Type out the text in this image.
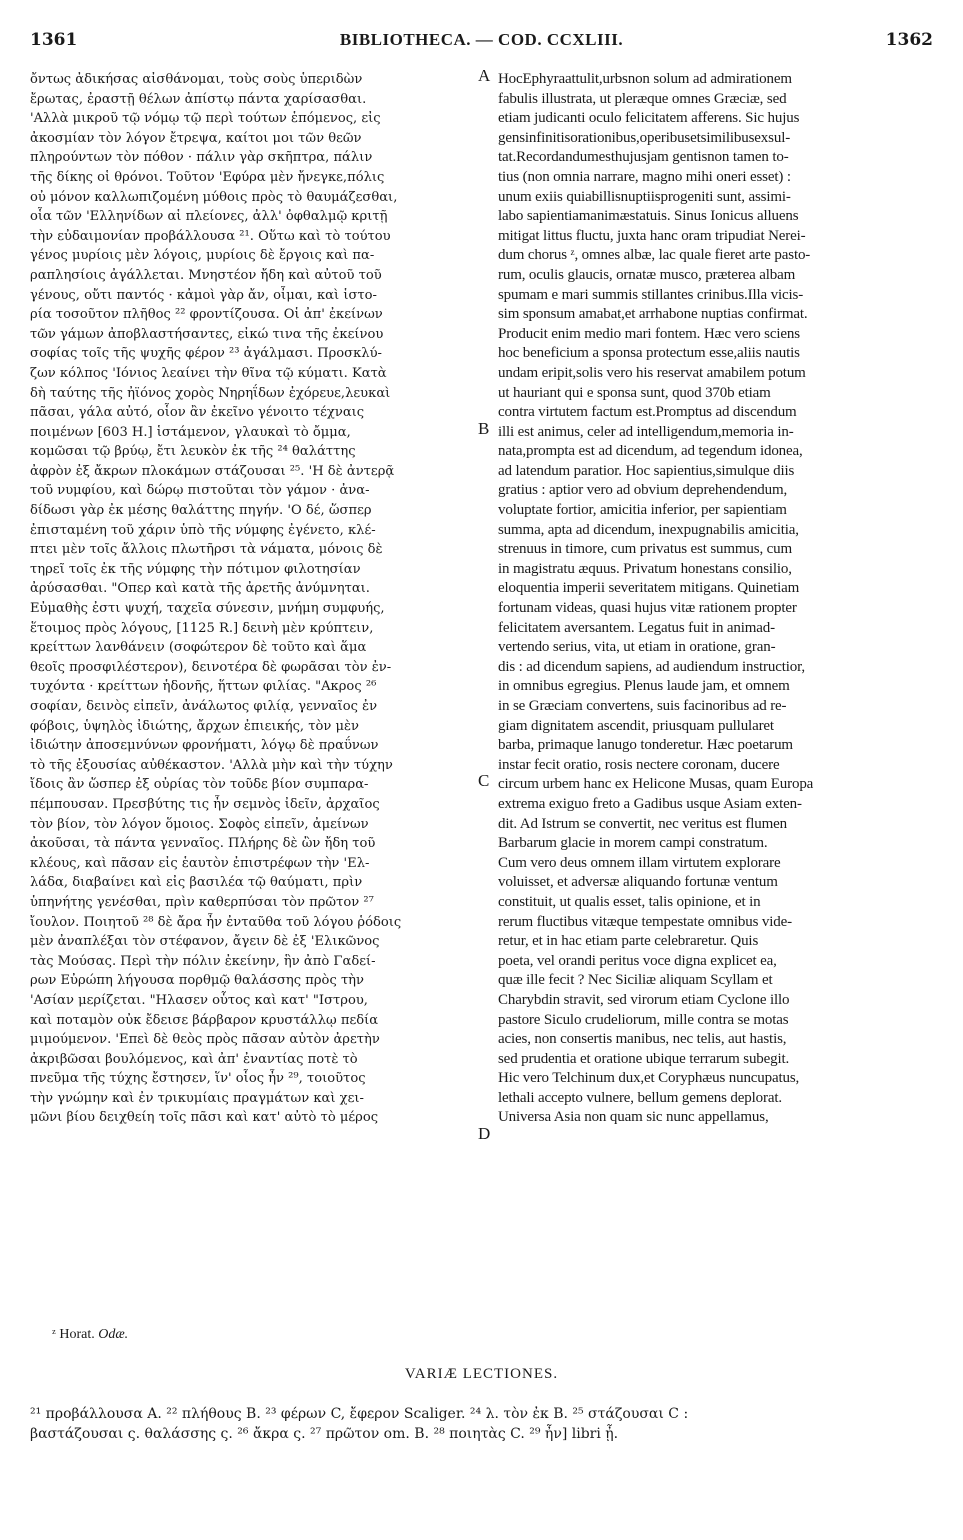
1361	BIBLIOTHECA. — COD. CCXLIII.	1362
ὄντως ἀδικήσας αἰσθάνομαι, τοὺς σοὺς ὑπεριδὼν
ἔρωτας, ἐραστῇ θέλων ἀπίστῳ πάντα χαρίσασθαι.
'Αλλὰ μικροῦ τῷ νόμῳ τῷ περὶ τούτων ἑπόμενος, εἰς
ἀκοσμίαν τὸν λόγον ἔτρεψα, καίτοι μοι τῶν θεῶν
πληρούντων τὸν πόθον · πάλιν γὰρ σκῆπτρα, πάλιν
τῆς δίκης οἱ θρόνοι. Τοῦτον 'Εφύρα μὲν ἤνεγκε,πόλις
οὐ μόνον καλλωπιζομένη μύθοις πρὸς τὸ θαυμάζεσθαι,
οἷα τῶν 'Ελληνίδων αἱ πλείονες, ἀλλ' ὀφθαλμῷ κριτῇ
τὴν εὐδαιμονίαν προβάλλουσα ²¹. Οὕτω καὶ τὸ τούτου
γένος μυρίοις μὲν λόγοις, μυρίοις δὲ ἔργοις καὶ πα-
ραπλησίοις ἀγάλλεται. Μνηστέον ἤδη καὶ αὐτοῦ τοῦ
γένους, οὔτι παντός · κἀμοὶ γὰρ ἄν, οἶμαι, καὶ ἱστο-
ρία τοσοῦτον πλῆθος ²² φροντίζουσα. Οἱ ἀπ' ἐκείνων
τῶν γάμων ἀποβλαστήσαντες, εἰκώ τινα τῆς ἐκείνου
σοφίας τοῖς τῆς ψυχῆς φέρον ²³ ἀγάλμασι. Προσκλύ-
ζων κόλπος 'Ιόνιος λεαίνει τὴν θῖνα τῷ κύματι. Κατὰ
δὴ ταύτης τῆς ἠϊόνος χορὸς Νηρηΐδων ἐχόρευε,λευκαὶ
πᾶσαι, γάλα αὐτό, οἷον ἂν ἐκεῖνο γένοιτο τέχναις
ποιμένων [603 H.] ἱστάμενον, γλαυκαὶ τὸ ὄμμα,
κομῶσαι τῷ βρύῳ, ἔτι λευκὸν ἐκ τῆς ²⁴ θαλάττης
ἀφρὸν ἐξ ἄκρων πλοκάμων στάζουσαι ²⁵. 'Η δὲ ἀντερᾷ
τοῦ νυμφίου, καὶ δώρῳ πιστοῦται τὸν γάμον · ἀνα-
δίδωσι γὰρ ἐκ μέσης θαλάττης πηγήν. 'Ο δέ, ὥσπερ
ἐπισταμένη τοῦ χάριν ὑπὸ τῆς νύμφης ἐγένετο, κλέ-
πτει μὲν τοῖς ἄλλοις πλωτῆρσι τὰ νάματα, μόνοις δὲ
τηρεῖ τοῖς ἐκ τῆς νύμφης τὴν πότιμον φιλοτησίαν
ἀρύσασθαι. "Οπερ καὶ κατὰ τῆς ἀρετῆς ἀνύμνηται.
Εὐμαθὴς ἐστι ψυχή, ταχεῖα σύνεσιν, μνήμη συμφυής,
ἕτοιμος πρὸς λόγους, [1125 R.] δεινὴ μὲν κρύπτειν,
κρείττων λανθάνειν (σοφώτερον δὲ τοῦτο καὶ ἅμα
θεοῖς προσφιλέστερον), δεινοτέρα δὲ φωρᾶσαι τὸν ἐν-
τυχόντα · κρείττων ἡδονῆς, ἥττων φιλίας. "Ακρος ²⁶
σοφίαν, δεινὸς εἰπεῖν, ἀνάλωτος φιλίᾳ, γενναῖος ἐν
φόβοις, ὑψηλὸς ἰδιώτης, ἄρχων ἐπιεικής, τὸν μὲν
ἰδιώτην ἀποσεμνύνων φρονήματι, λόγῳ δὲ πραΰνων
τὸ τῆς ἐξουσίας αὐθέκαστον. 'Αλλὰ μὴν καὶ τὴν τύχην
ἴδοις ἂν ὥσπερ ἐξ οὐρίας τὸν τοῦδε βίον συμπαρα-
πέμπουσαν. Πρεσβύτης τις ἦν σεμνὸς ἰδεῖν, ἀρχαῖος
τὸν βίον, τὸν λόγον ὅμοιος. Σοφὸς εἰπεῖν, ἀμείνων
ἀκοῦσαι, τὰ πάντα γενναῖος. Πλήρης δὲ ὢν ἤδη τοῦ
κλέους, καὶ πᾶσαν εἰς ἑαυτὸν ἐπιστρέφων τὴν 'Ελ-
λάδα, διαβαίνει καὶ εἰς βασιλέα τῷ θαύματι, πρὶν
ὑπηνήτης γενέσθαι, πρὶν καθερπύσαι τὸν πρῶτον ²⁷
ἴουλον. Ποιητοῦ ²⁸ δὲ ἄρα ἦν ἐνταῦθα τοῦ λόγου ῥόδοις
μὲν ἀναπλέξαι τὸν στέφανον, ἄγειν δὲ ἐξ 'Ελικῶνος
τὰς Μούσας. Περὶ τὴν πόλιν ἐκείνην, ἣν ἀπὸ Γαδεί-
ρων Εὐρώπη λήγουσα πορθμῷ θαλάσσης πρὸς τὴν
'Ασίαν μερίζεται. "Ηλασεν οὗτος καὶ κατ' "Ιστρου,
καὶ ποταμὸν οὐκ ἔδεισε βάρβαρον κρυστάλλῳ πεδία
μιμούμενον. 'Επεὶ δὲ θεὸς πρὸς πᾶσαν αὐτὸν ἀρετὴν
ἀκριβῶσαι βουλόμενος, καὶ ἀπ' ἐναντίας ποτὲ τὸ
πνεῦμα τῆς τύχης ἔστησεν, ἵν' οἷος ἦν ²⁹, τοιοῦτος
τὴν γνώμην καὶ ἐν τρικυμίαις πραγμάτων καὶ χει-
μῶνι βίου δειχθείη τοῖς πᾶσι καὶ κατ' αὐτὸ τὸ μέρος
HocEphyraattulit,urbsnon solum ad admirationem
fabulis illustrata, ut pleræque omnes Græciæ, sed
etiam judicanti oculo felicitatem afferens. Sic hujus
gensinfinitisorationibus,operibusetsimilibusexsul-
tat.Recordandumesthujusjam gentisnon tamen to-
tius (non omnia narrare, magno mihi oneri esset) :
unum exiis quiabillisnuptiisprogeniti sunt, assimi-
labo sapientiamanimæstatuis. Sinus Ionicus alluens
mitigat littus fluctu, juxta hanc oram tripudiat Nerei-
dum chorus ᶻ, omnes albæ, lac quale fieret arte pasto-
rum, oculis glaucis, ornatæ musco, præterea albam
spumam e mari summis stillantes crinibus.Illa vicis-
sim sponsum amabat,et arrhabone nuptias confirmat.
Producit enim medio mari fontem. Hæc vero sciens
hoc beneficium a sponsa protectum esse,aliis nautis
undam eripit,solis vero his reservat amabilem potum
ut hauriant qui e sponsa sunt, quod 370b etiam
contra virtutem factum est.Promptus ad discendum
illi est animus, celer ad intelligendum,memoria in-
nata,prompta est ad dicendum, ad tegendum idonea,
ad latendum paratior. Hoc sapientius,simulque diis
gratius : aptior vero ad obvium deprehendendum,
voluptate fortior, amicitia inferior, per sapientiam
summa, apta ad dicendum, inexpugnabilis amicitia,
strenuus in timore, cum privatus est summus, cum
in magistratu æquus. Privatum honestans consilio,
eloquentia imperii severitatem mitigans. Quinetiam
fortunam videas, quasi hujus vitæ rationem propter
felicitatem aversantem. Legatus fuit in animad-
vertendo serius, vita, ut etiam in oratione, gran-
dis : ad dicendum sapiens, ad audiendum instructior,
in omnibus egregius. Plenus laude jam, et omnem
in se Græciam convertens, suis facinoribus ad re-
giam dignitatem ascendit, priusquam pullularet
barba, primaque lanugo tonderetur. Hæc poetarum
instar fecit oratio, rosis nectere coronam, ducere
circum urbem hanc ex Helicone Musas, quam Europa
extrema exiguo freto a Gadibus usque Asiam exten-
dit. Ad Istrum se convertit, nec veritus est flumen
Barbarum glacie in morem campi constratum.
Cum vero deus omnem illam virtutem explorare
voluisset, et adversæ aliquando fortunæ ventum
constituit, ut qualis esset, talis opinione, et in
rerum fluctibus vitæque tempestate omnibus vide-
retur, et in hac etiam parte celebraretur. Quis
poeta, vel orandi peritus voce digna explicet ea,
quæ ille fecit ? Nec Siciliæ aliquam Scyllam et
Charybdin stravit, sed virorum etiam Cyclone illo
pastore Siculo crudeliorum, mille contra se motas
acies, non consertis manibus, nec telis, aut hastis,
sed prudentia et oratione ubique terrarum subegit.
Hic vero Telchinum dux,et Coryphæus nuncupatus,
lethali accepto vulnere, bellum gemens deplorat.
Universa Asia non quam sic nunc appellamus,
A
B
C
D
ᶻ Horat. Odæ.
VARIÆ LECTIONES.
²¹ προβάλλουσα A. ²² πλήθους B. ²³ φέρων C, ἔφερον Scaliger. ²⁴ λ. τὸν ἐκ B. ²⁵ στάζουσαι C :
βαστάζουσαι ς. θαλάσσης ς. ²⁶ ἄκρα ς. ²⁷ πρῶτον om. B. ²⁸ ποιητὰς C. ²⁹ ἦν] libri ᾖ.
